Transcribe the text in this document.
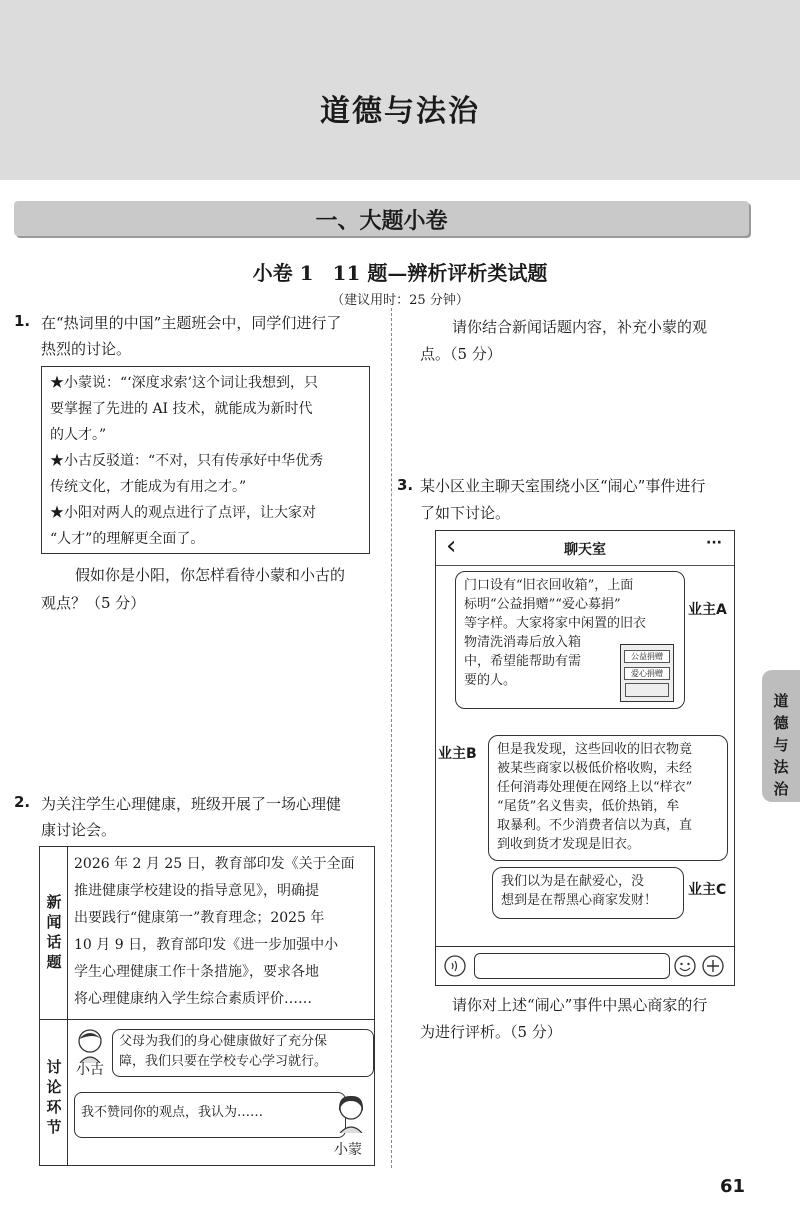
道德与法治
一、大题小卷
小卷 1 11 题—辨析评析类试题
（建议用时：25 分钟）
1. 在“热词里的中国”主题班会中，同学们进行了
热烈的讨论。
★小蒙说：“‘深度求索’这个词让我想到，只
要掌握了先进的 AI 技术，就能成为新时代
的人才。”
★小古反驳道：“不对，只有传承好中华优秀
传统文化，才能成为有用之才。”
★小阳对两人的观点进行了点评，让大家对
“人才”的理解更全面了。
假如你是小阳，你怎样看待小蒙和小古的
观点？（5 分）
2. 为关注学生心理健康，班级开展了一场心理健
康讨论会。
新闻话题
2026 年 2 月 25 日，教育部印发《关于全面
推进健康学校建设的指导意见》，明确提
出要践行“健康第一”教育理念；2025 年
10 月 9 日，教育部印发《进一步加强中小
学生心理健康工作十条措施》，要求各地
将心理健康纳入学生综合素质评价……
讨论环节
小古
父母为我们的身心健康做好了充分保
障，我们只要在学校专心学习就行。
我不赞同你的观点，我认为……
小蒙
请你结合新闻话题内容，补充小蒙的观
点。（5 分）
3. 某小区业主聊天室围绕小区“闹心”事件进行
了如下讨论。
‹	聊天室	···
门口设有“旧衣回收箱”，上面
标明“公益捐赠”“爱心募捐”
等字样。大家将家中闲置的旧衣
物清洗消毒后放入箱
中，希望能帮助有需
要的人。
公益捐赠
爱心捐赠
业主A
业主B 但是我发现，这些回收的旧衣物竟
被某些商家以极低价格收购，未经
任何消毒处理便在网络上以“样衣”
“尾货”名义售卖，低价热销，牟
取暴利。不少消费者信以为真，直
到收到货才发现是旧衣。
我们以为是在献爱心，没
想到是在帮黑心商家发财！
业主C
请你对上述“闹心”事件中黑心商家的行
为进行评析。（5 分）
道德与法治
61
